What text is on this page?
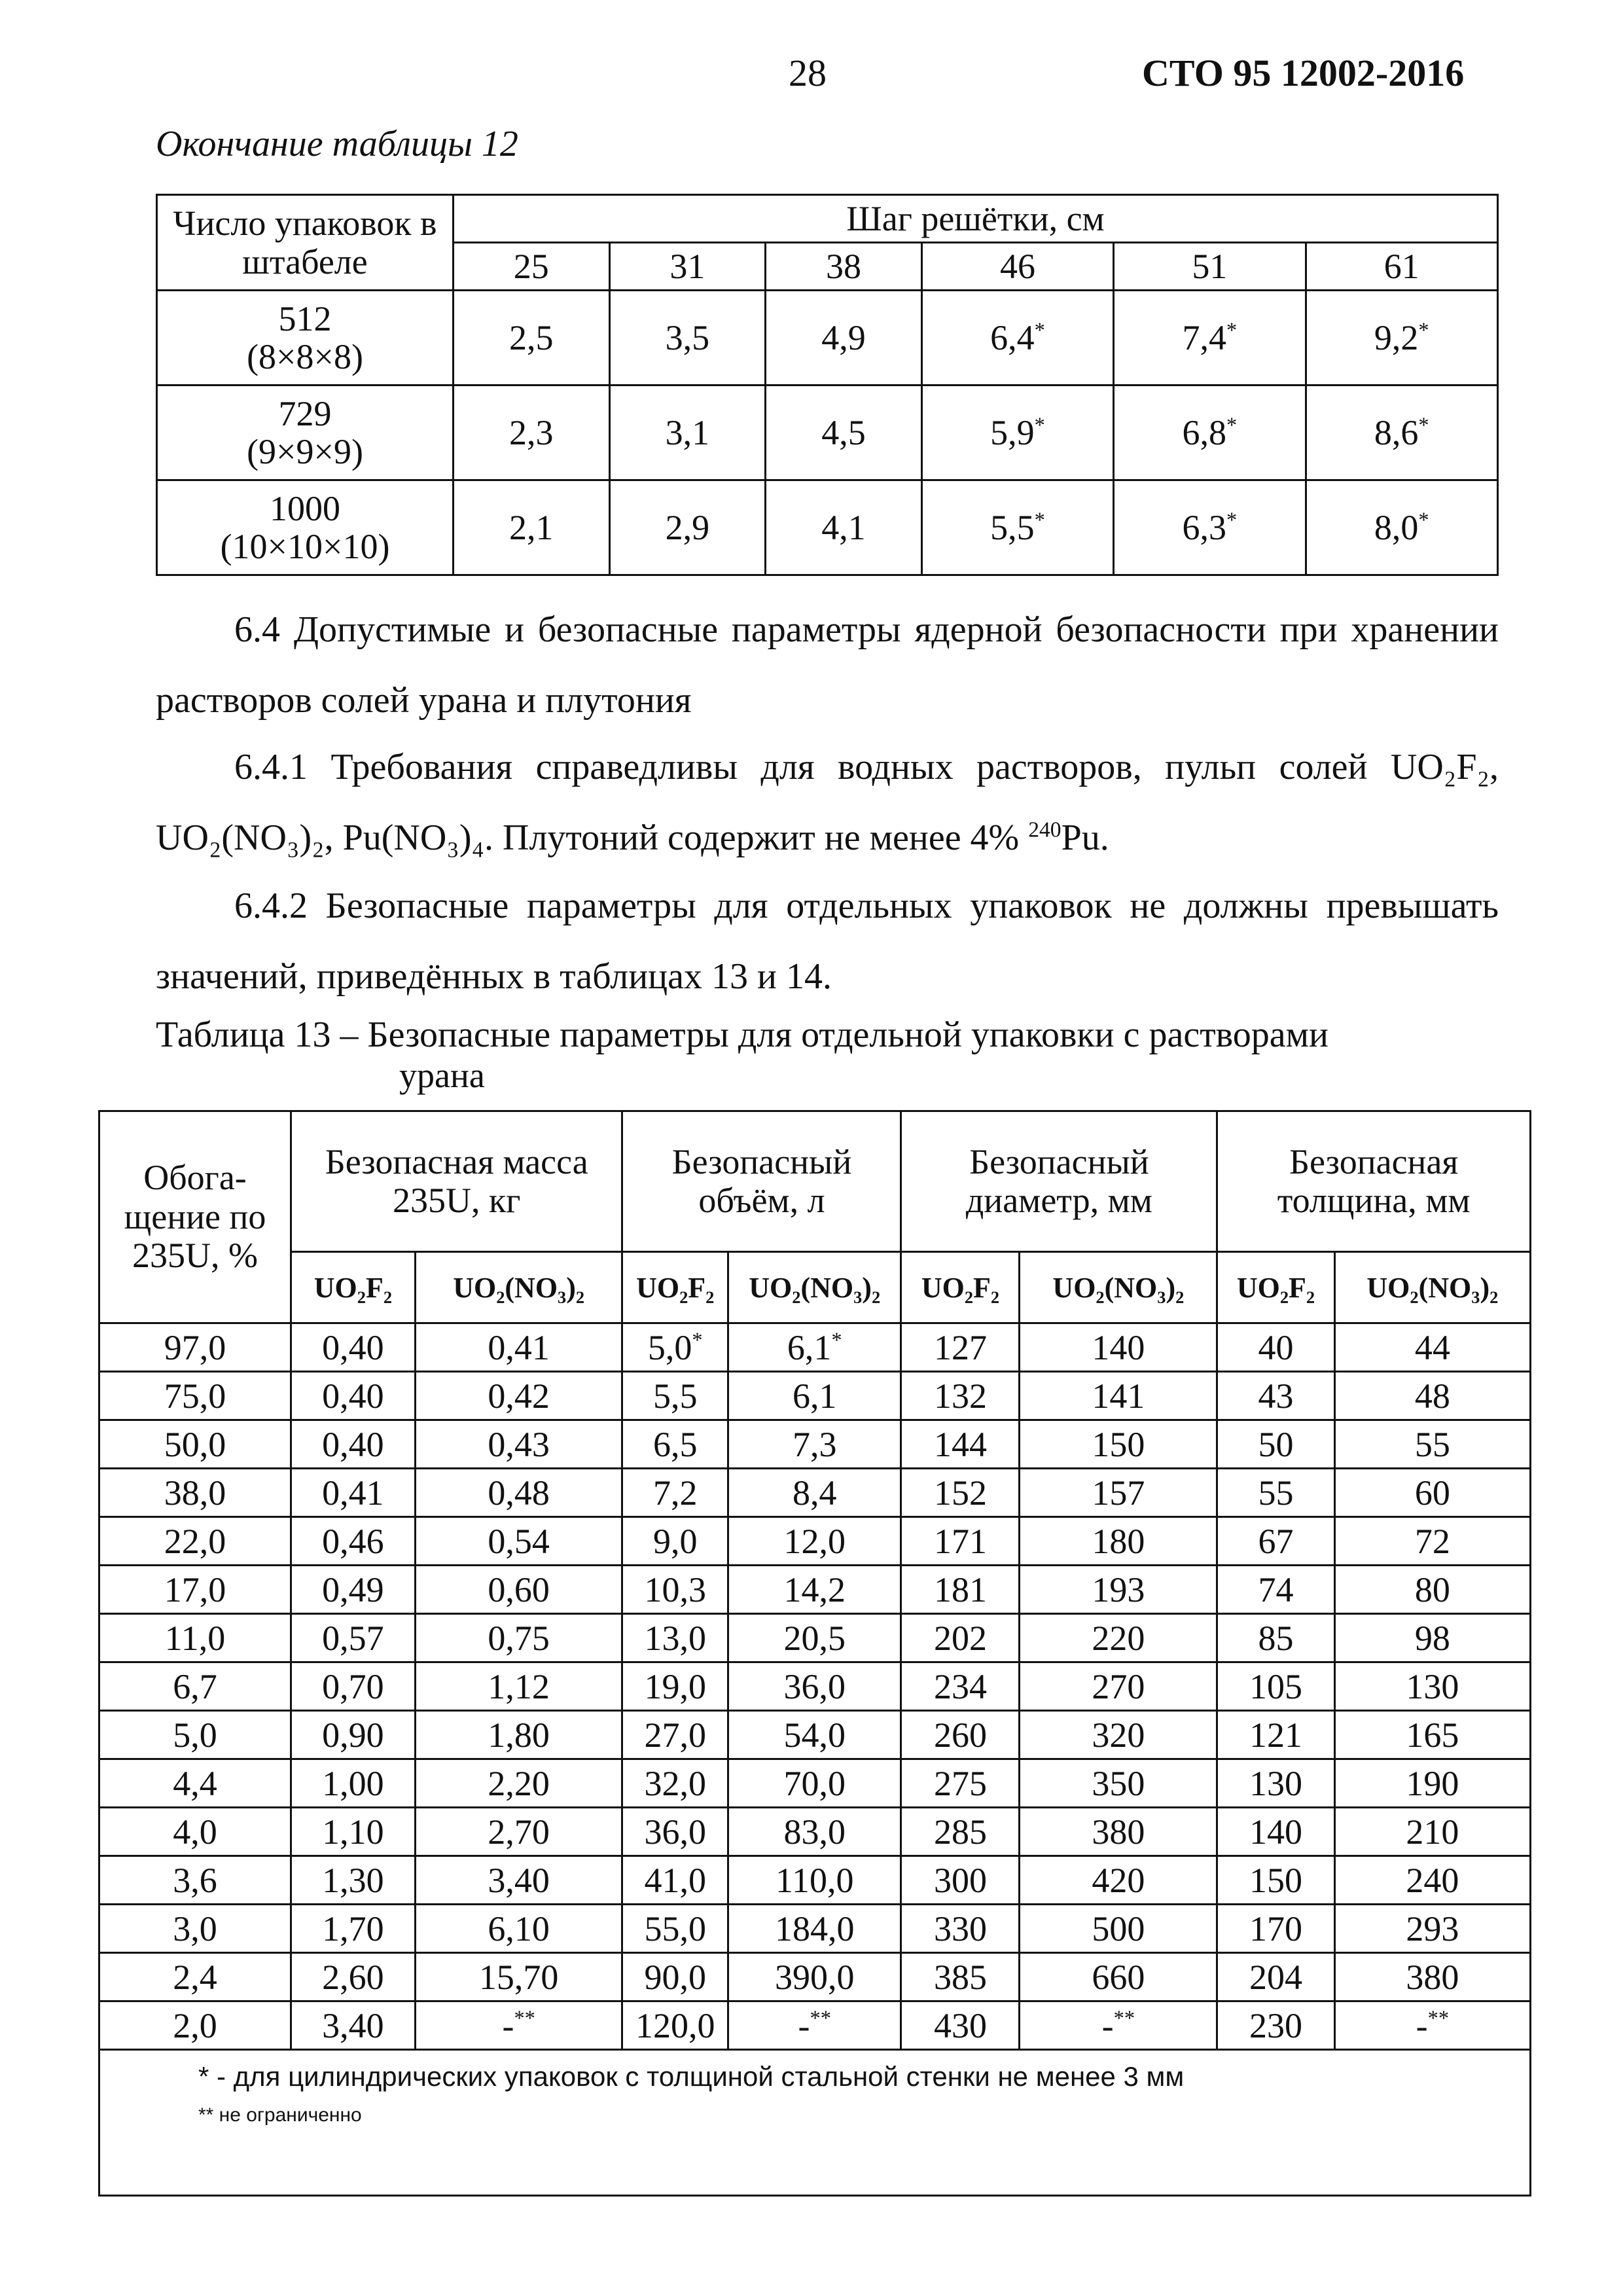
28	СТО 95 12002-2016
Окончание таблицы 12
Число упаковок в штабеле	Шаг решётки, см					
	25	31	38	46	51	61

512
(8×8×8)	2,5	3,5	4,9	6,4*	7,4*	9,2*

729
(9×9×9)	2,3	3,1	4,5	5,9*	6,8*	8,6*

1000
(10×10×10)	2,1	2,9	4,1	5,5*	6,3*	8,0*
6.4 Допустимые и безопасные параметры ядерной безопасности при хранении растворов солей урана и плутония
6.4.1 Требования справедливы для водных растворов, пульп солей UO₂F₂, UO₂(NO₃)₂, Pu(NO₃)₄. Плутоний содержит не менее 4% $^{240}$Pu.
6.4.2 Безопасные параметры для отдельных упаковок не должны превышать значений, приведённых в таблицах 13 и 14.
Таблица 13 – Безопасные параметры для отдельной упаковки с растворами
урана
Обога-щение по 235U, %	Безопасная масса 235U, кг		Безопасный объём, л		Безопасный диаметр, мм		Безопасная толщина, мм	
	UO₂F₂	UO₂(NO₃)₂	UO₂F₂	UO₂(NO₃)₂	UO₂F₂	UO₂(NO₃)₂	UO₂F₂	UO₂(NO₃)₂
97,0	0,40	0,41	5,0*	6,1*	127	140	40	44
75,0	0,40	0,42	5,5	6,1	132	141	43	48
50,0	0,40	0,43	6,5	7,3	144	150	50	55
38,0	0,41	0,48	7,2	8,4	152	157	55	60
22,0	0,46	0,54	9,0	12,0	171	180	67	72
17,0	0,49	0,60	10,3	14,2	181	193	74	80
11,0	0,57	0,75	13,0	20,5	202	220	85	98
6,7	0,70	1,12	19,0	36,0	234	270	105	130
5,0	0,90	1,80	27,0	54,0	260	320	121	165
4,4	1,00	2,20	32,0	70,0	275	350	130	190
4,0	1,10	2,70	36,0	83,0	285	380	140	210
3,6	1,30	3,40	41,0	110,0	300	420	150	240
3,0	1,70	6,10	55,0	184,0	330	500	170	293
2,4	2,60	15,70	90,0	390,0	385	660	204	380
2,0	3,40	-**	120,0	-**	430	-**	230	-**

* - для цилиндрических упаковок с толщиной стальной стенки не менее 3 мм
** не ограниченно								
